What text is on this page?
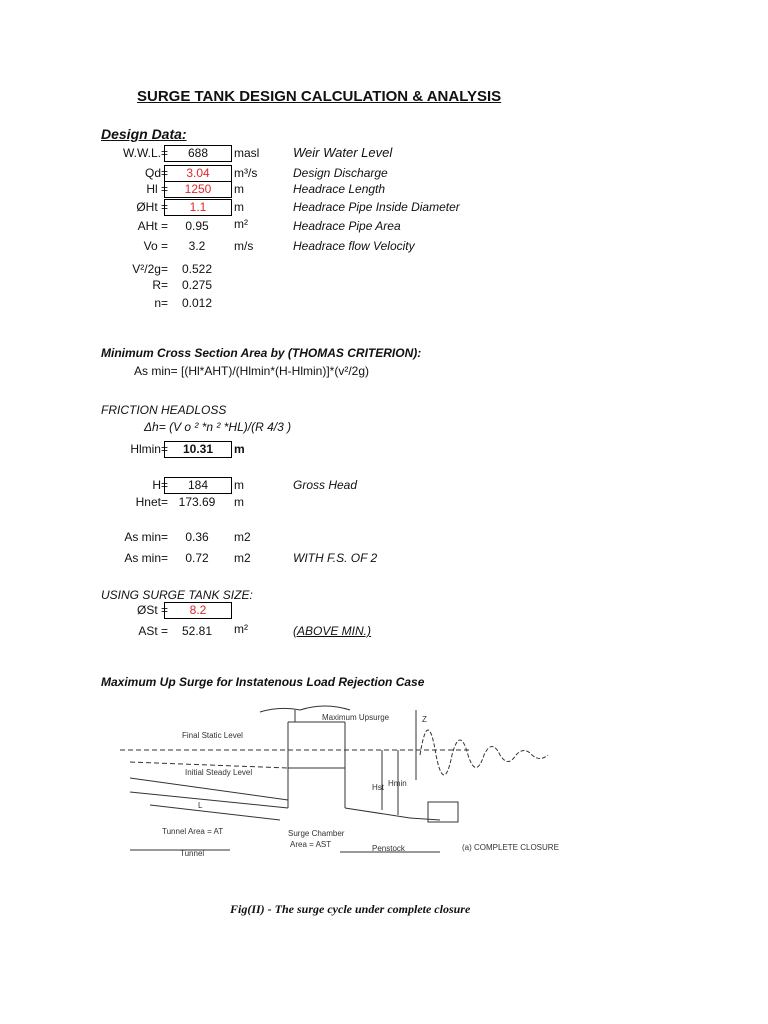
SURGE TANK DESIGN CALCULATION & ANALYSIS
Design Data:
W.W.L.=	688	masl	Weir Water Level
Qd=	3.04	m³/s	Design Discharge
Hl =	1250	m	Headrace Length
ØHt =	1.1	m	Headrace Pipe Inside Diameter
AHt =	0.95	m²	Headrace Pipe Area
Vo =	3.2	m/s	Headrace flow Velocity
V²/2g=	0.522
R=	0.275
n=	0.012
Minimum Cross Section Area by (THOMAS CRITERION):
As min= [(Hl*AHT)/(Hlmin*(H-Hlmin)]*(v²/2g)
FRICTION HEADLOSS
Δh= (V o ² *n ² *HL)/(R 4/3 )
Hlmin=	10.31	m
H=	184	m	Gross Head
Hnet= 173.69	m
As min=	0.36	m2
As min=	0.72	m2	WITH F.S. OF 2
USING SURGE TANK SIZE:
ØSt =	8.2
ASt =	52.81	m²	(ABOVE MIN.)
Maximum Up Surge for Instatenous Load Rejection Case
Maximum Upsurge
Final Static Level
Initial Steady Level
L
Tunnel Area = AT	Surge Chamber
Area = AST	Penstock
Tunnel
(a) COMPLETE CLOSURE
Hst Hmin
Z
Fig(II) - The surge cycle under complete closure
